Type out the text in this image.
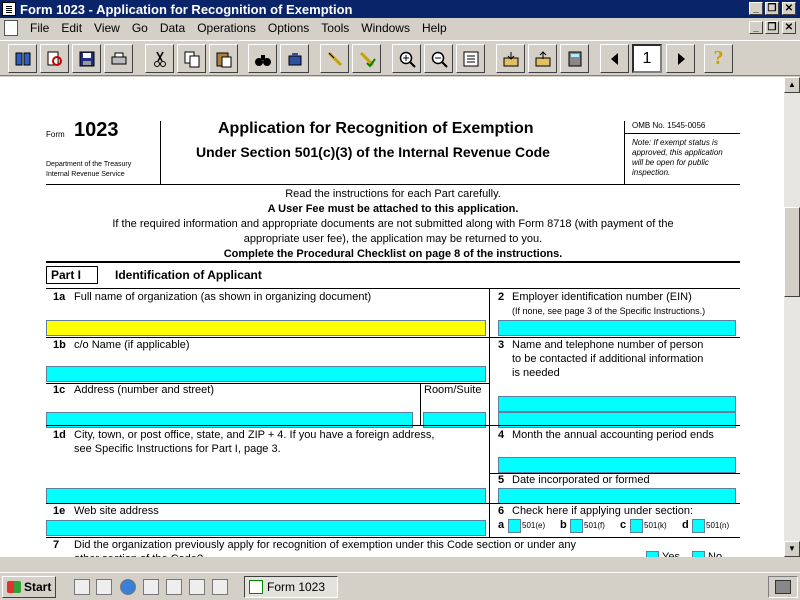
Form 1023 - Application for Recognition of Exemption	_ ❐ ✕
File	Edit	View	Go	Data	Operations	Options	Tools	Windows	Help	_ ❐ ✕
1	?
Form 1023
Department of the Treasury
Internal Revenue Service
Application for Recognition of Exemption
Under Section 501(c)(3) of the Internal Revenue Code
OMB No. 1545-0056
Note: If exempt status is
approved, this application
will be open for public
inspection.
Read the instructions for each Part carefully.
A User Fee must be attached to this application.
If the required information and appropriate documents are not submitted along with Form 8718 (with payment of the
appropriate user fee), the application may be returned to you.
Complete the Procedural Checklist on page 8 of the instructions.
Part I	Identification of Applicant
1a Full name of organization (as shown in organizing document)	2 Employer identification number (EIN)
(If none, see page 3 of the Specific Instructions.)
1b c/o Name (if applicable)	3 Name and telephone number of person
to be contacted if additional information
is needed
1c Address (number and street)	Room/Suite
1d City, town, or post office, state, and ZIP + 4. If you have a foreign address,
see Specific Instructions for Part I, page 3.
4 Month the annual accounting period ends
5 Date incorporated or formed
1e Web site address	6 Check here if applying under section:
a 501(e) b 501(f) c 501(k) d 501(n)
7 Did the organization previously apply for recognition of exemption under this Code section or under any
▲
▼
Start	Form 1023
